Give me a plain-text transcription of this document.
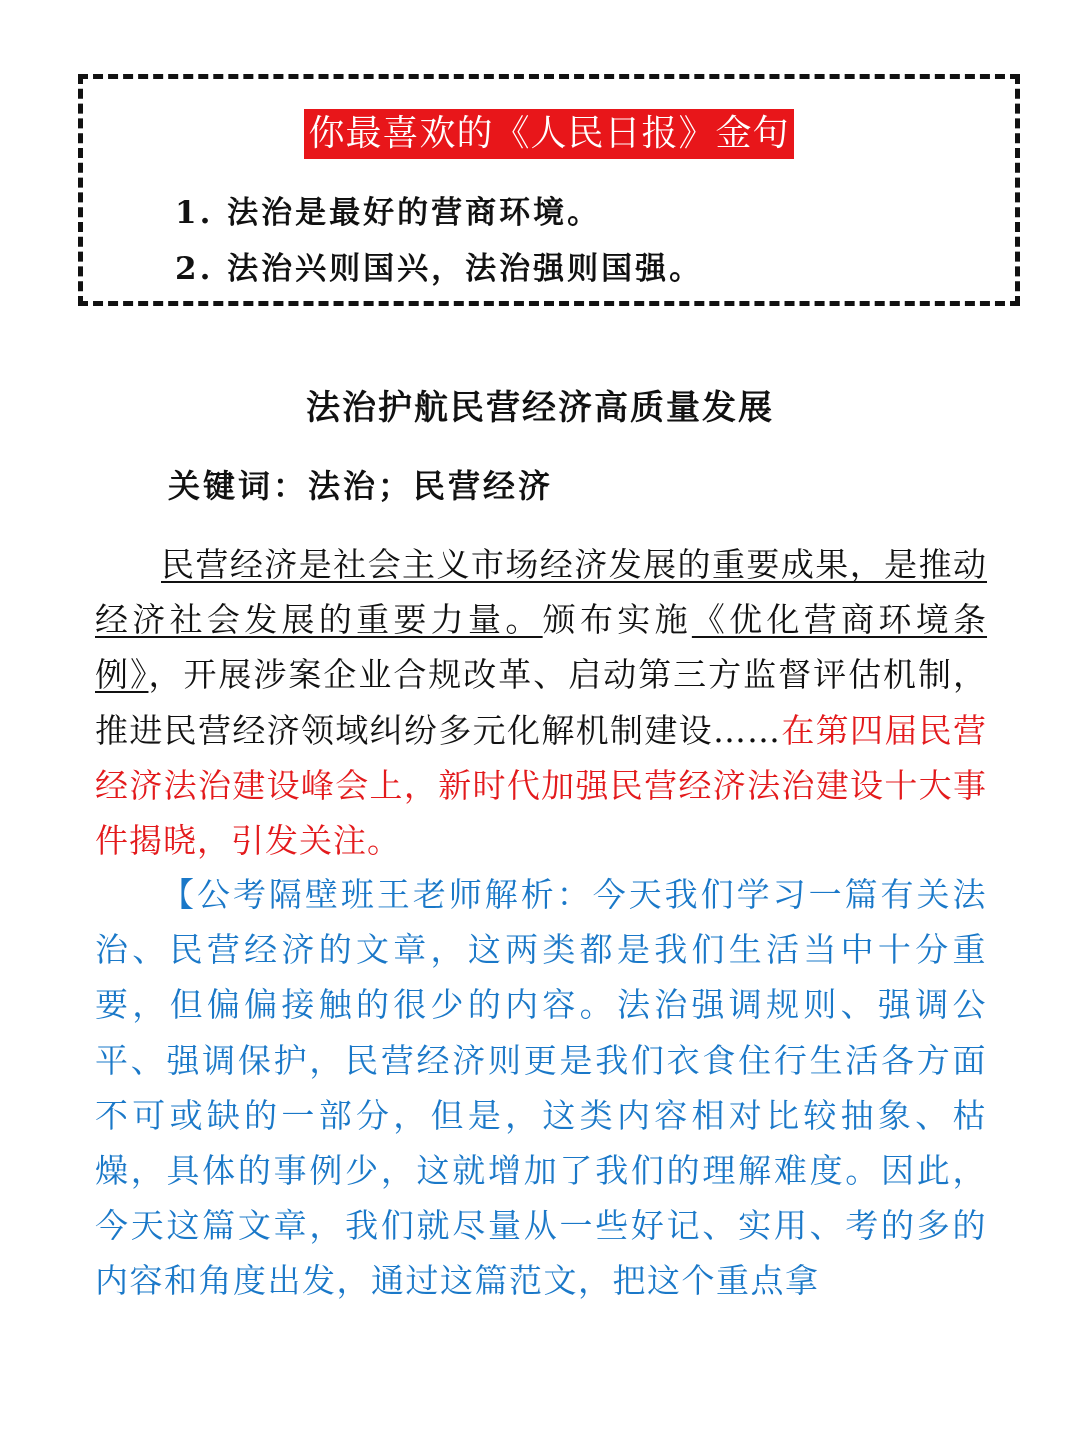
你最喜欢的《人民日报》金句
1. 法治是最好的营商环境。
2. 法治兴则国兴，法治强则国强。
法治护航民营经济高质量发展
关键词：法治；民营经济

民营经济是社会主义市场经济发展的重要成果，是推动经济社会发展的重要力量。颁布实施《优化营商环境条例》，开展涉案企业合规改革、启动第三方监督评估机制，推进民营经济领域纠纷多元化解机制建设……在第四届民营经济法治建设峰会上，新时代加强民营经济法治建设十大事件揭晓，引发关注。

【公考隔壁班王老师解析：今天我们学习一篇有关法治、民营经济的文章，这两类都是我们生活当中十分重要，但偏偏接触的很少的内容。法治强调规则、强调公平、强调保护，民营经济则更是我们衣食住行生活各方面不可或缺的一部分，但是，这类内容相对比较抽象、枯燥，具体的事例少，这就增加了我们的理解难度。因此，今天这篇文章，我们就尽量从一些好记、实用、考的多的内容和角度出发，通过这篇范文，把这个重点拿
